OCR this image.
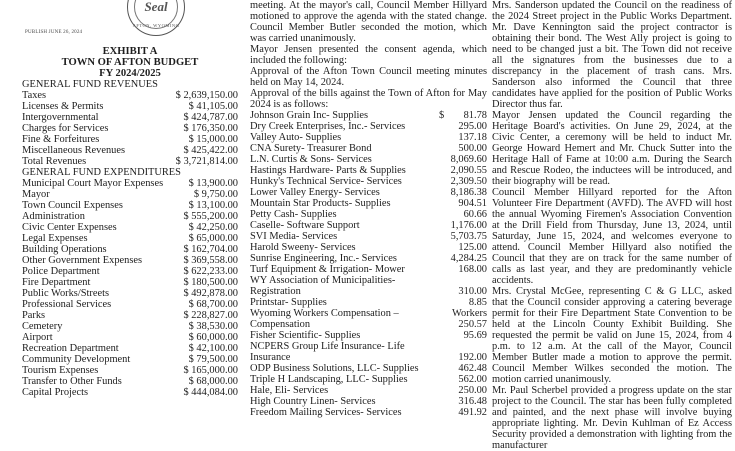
Seal
AFTON, WYOMING
PUBLISH JUNE 26, 2024
EXHIBIT A
TOWN OF AFTON BUDGET
FY 2024/2025
GENERAL FUND REVENUES
Taxes	$ 2,639,150.00
Licenses & Permits	$ 41,105.00
Intergovernmental	$ 424,787.00
Charges for Services	$ 176,350.00
Fine & Forfeitures	$ 15,000.00
Miscellaneous Revenues	$ 425,422.00
Total Revenues	$ 3,721,814.00
GENERAL FUND EXPENDITURES
Municipal Court Mayor Expenses $ 13,900.00
Mayor	$ 9,750.00
Town Council Expenses	$ 13,100.00
Administration	$ 555,200.00
Civic Center Expenses	$ 42,250.00
Legal Expenses	$ 65,000.00
Building Operations	$ 162,704.00
Other Government Expenses	$ 369,558.00
Police Department	$ 622,233.00
Fire Department	$ 180,500.00
Public Works/Streets	$ 492,878.00
Professional Services	$ 68,700.00
Parks	$ 228,827.00
Cemetery	$ 38,530.00
Airport	$ 60,000.00
Recreation Department	$ 42,100.00
Community Development	$ 79,500.00
Tourism Expenses	$ 165,000.00
Transfer to Other Funds	$ 68,000.00
Capital Projects	$ 444,084.00

meeting. At the mayor's call, Council Member Hillyard motioned to approve the agenda with the stated change. Council Member Butler seconded the motion, which was carried unanimously.

Mayor Jensen presented the consent agenda, which included the following:

Approval of the Afton Town Council meeting minutes held on May 14, 2024.

Approval of the bills against the Town of Afton for May 2024 is as follows:

Johnson Grain Inc- Supplies	$	81.78
Dry Creek Enterprises, Inc.- Services	295.00
Valley Auto- Supplies	137.18
CNA Surety- Treasurer Bond	500.00
L.N. Curtis & Sons- Services	8,069.60
Hastings Hardware- Parts & Supplies	2,090.55
Hunky's Technical Service- Services	2,309.50
Lower Valley Energy- Services	8,186.38
Mountain Star Products- Supplies	904.51
Petty Cash- Supplies	60.66
Caselle- Software Support	1,176.00
SVI Media- Services	5,703.75
Harold Sweeny- Services	125.00
Sunrise Engineering, Inc.- Services	4,284.25
Turf Equipment & Irrigation- Mower	168.00
WY Association of Municipalities- Registration	310.00
Printstar- Supplies	8.85
Wyoming Workers Compensation –	Workers
Compensation	250.57
Fisher Scientific- Supplies	95.69
NCPERS Group Life Insurance- Life Insurance	192.00
ODP Business Solutions, LLC- Supplies	462.48
Triple H Landscaping, LLC- Supplies	562.00
Hale, Eli- Services	250.00
High Country Linen- Services	316.48
Freedom Mailing Services- Services	491.92

Mrs. Sanderson updated the Council on the readiness of the 2024 Street project in the Public Works Department. Mr. Dave Kennington said the project contractor is obtaining their bond. The West Ally project is going to need to be changed just a bit. The Town did not receive all the signatures from the businesses due to a discrepancy in the placement of trash cans. Mrs. Sanderson also informed the Council that three candidates have applied for the position of Public Works Director thus far.

Mayor Jensen updated the Council regarding the Heritage Board's activities. On June 29, 2024, at the Civic Center, a ceremony will be held to induct Mr. George Howard Hemert and Mr. Chuck Sutter into the Heritage Hall of Fame at 10:00 a.m. During the Search and Rescue Rodeo, the inductees will be introduced, and their biography will be read.

Council Member Hillyard reported for the Afton Volunteer Fire Department (AVFD). The AVFD will host the annual Wyoming Firemen's Association Convention at the Drill Field from Thursday, June 13, 2024, until Saturday, June 15, 2024, and welcomes everyone to attend. Council Member Hillyard also notified the Council that they are on track for the same number of calls as last year, and they are predominantly vehicle accidents.

Mrs. Crystal McGee, representing C & G LLC, asked that the Council consider approving a catering beverage permit for their Fire Department State Convention to be held at the Lincoln County Exhibit Building. She requested the permit be valid on June 15, 2024, from 4 p.m. to 12 a.m. At the call of the Mayor, Council Member Butler made a motion to approve the permit. Council Member Wilkes seconded the motion. The motion carried unanimously.

Mr. Paul Scherbel provided a progress update on the star project to the Council. The star has been fully completed and painted, and the next phase will involve buying appropriate lighting. Mr. Devin Kuhlman of Ez Access Security provided a demonstration with lighting from the manufacturer
